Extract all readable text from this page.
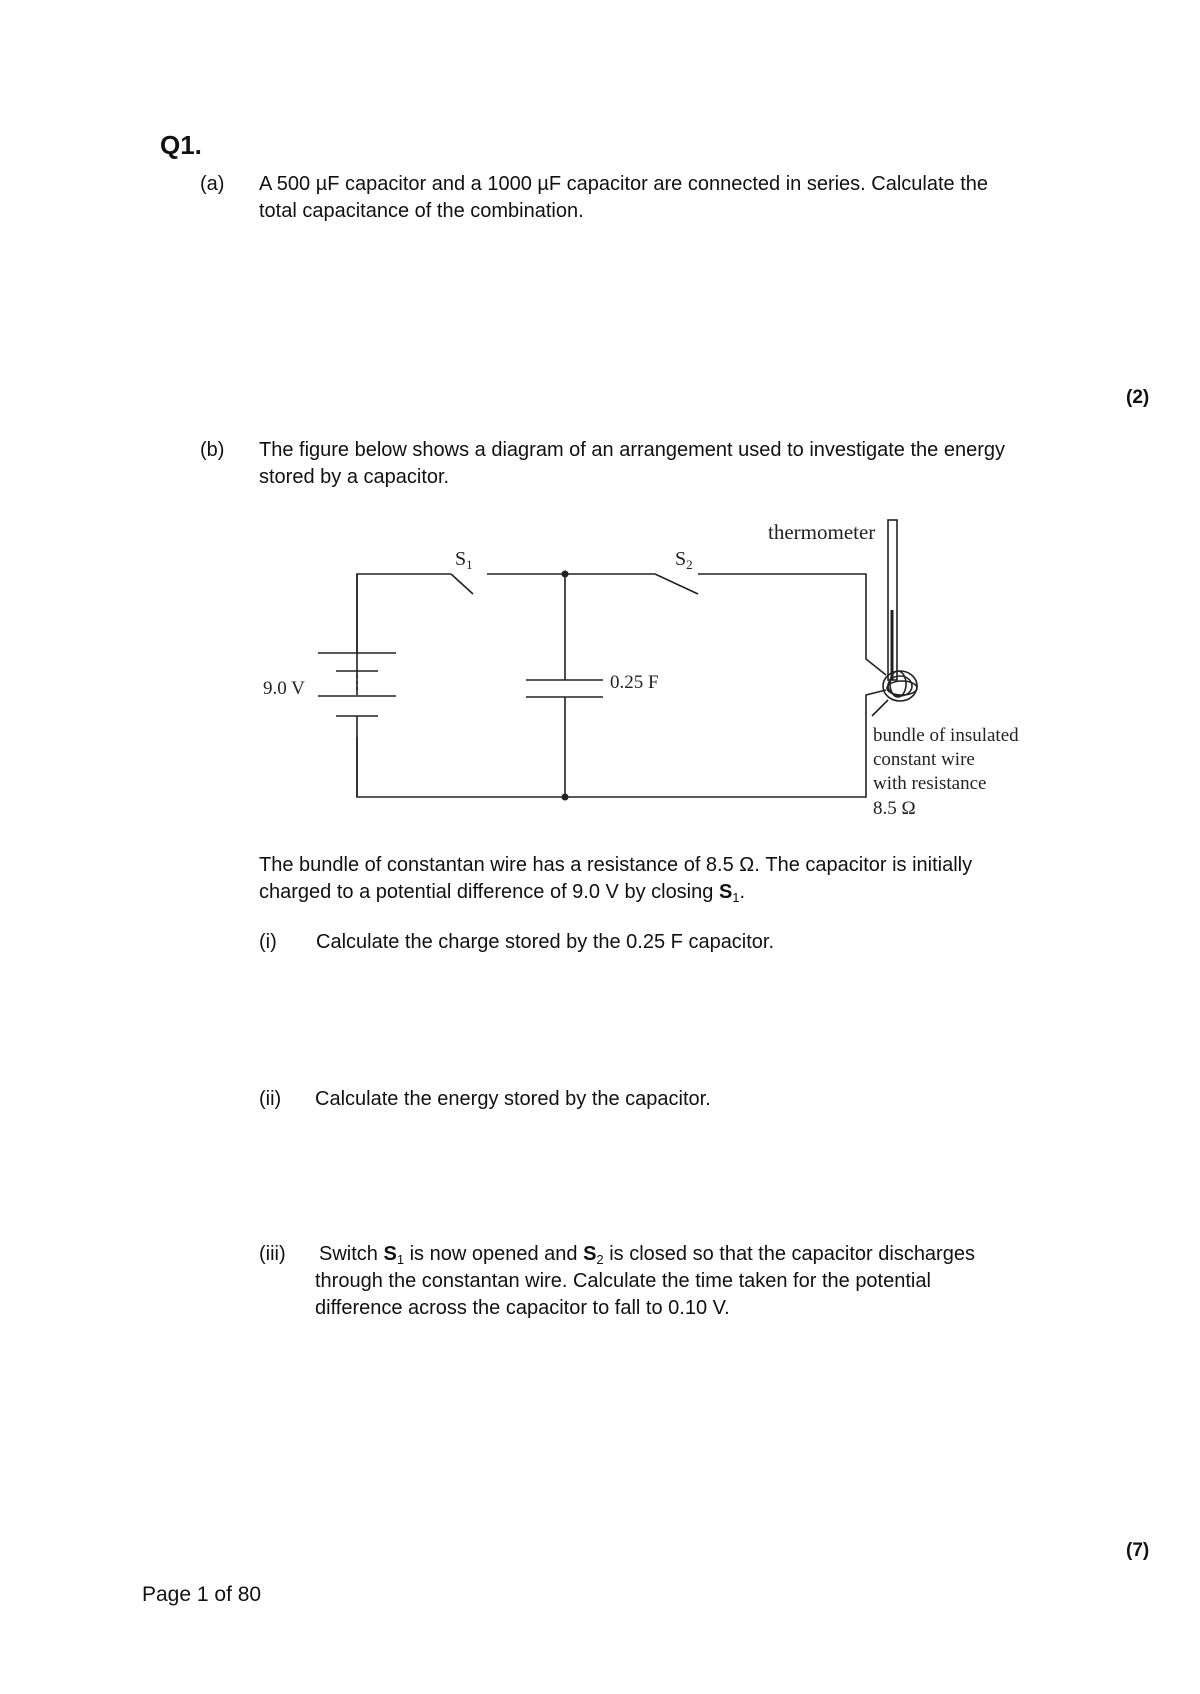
Q1.
(a) A 500 µF capacitor and a 1000 µF capacitor are connected in series. Calculate the
total capacitance of the combination.
(2)
(b) The figure below shows a diagram of an arrangement used to investigate the energy
stored by a capacitor.
thermometer
$S_1$	$S_2$
9.0 V	0.25 F
bundle of insulated
constant wire
with resistance
8.5 Ω
The bundle of constantan wire has a resistance of 8.5 Ω. The capacitor is initially
charged to a potential difference of 9.0 V by closing $S_1$.
(i) Calculate the charge stored by the 0.25 F capacitor.
(ii) Calculate the energy stored by the capacitor.
(iii) Switch $S_1$ is now opened and $S_2$ is closed so that the capacitor discharges
through the constantan wire. Calculate the time taken for the potential
difference across the capacitor to fall to 0.10 V.
(7)
Page 1 of 80
